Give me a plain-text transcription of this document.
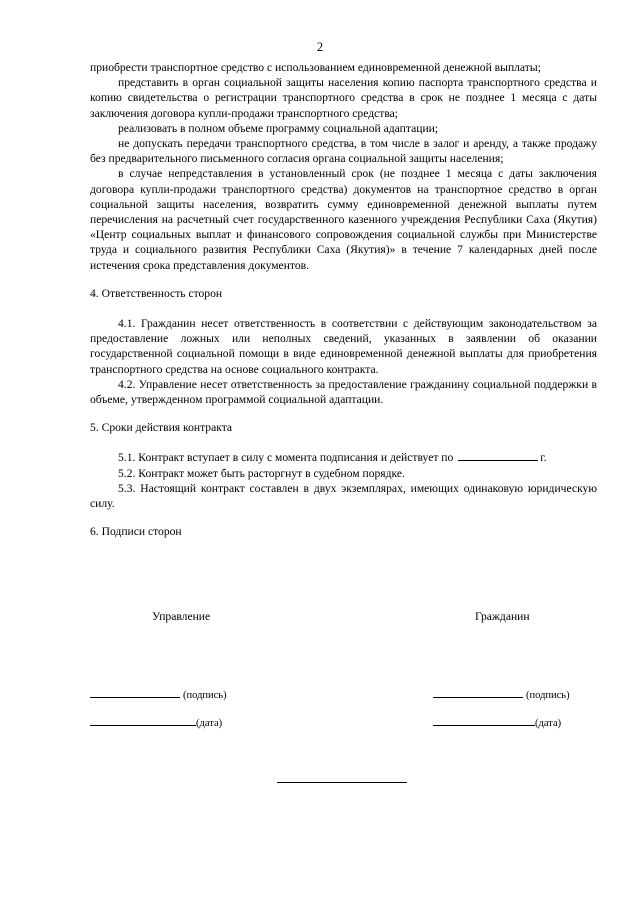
2

приобрести транспортное средство с использованием единовременной денежной выплаты;

представить в орган социальной защиты населения копию паспорта транспортного средства и копию свидетельства о регистрации транспортного средства в срок не позднее 1 месяца с даты заключения договора купли-продажи транспортного средства;

реализовать в полном объеме программу социальной адаптации;

не допускать передачи транспортного средства, в том числе в залог и аренду, а также продажу без предварительного письменного согласия органа социальной защиты населения;

в случае непредставления в установленный срок (не позднее 1 месяца с даты заключения договора купли-продажи транспортного средства) документов на транспортное средство в орган социальной защиты населения, возвратить сумму единовременной денежной выплаты путем перечисления на расчетный счет государственного казенного учреждения Республики Саха (Якутия) «Центр социальных выплат и финансового сопровождения социальной службы при Министерстве труда и социального развития Республики Саха (Якутия)» в течение 7 календарных дней после истечения срока представления документов.

4. Ответственность сторон

4.1. Гражданин несет ответственность в соответствии с действующим законодательством за предоставление ложных или неполных сведений, указанных в заявлении об оказании государственной социальной помощи в виде единовременной денежной выплаты для приобретения транспортного средства на основе социального контракта.

4.2. Управление несет ответственность за предоставление гражданину социальной поддержки в объеме, утвержденном программой социальной адаптации.

5. Сроки действия контракта

5.1. Контракт вступает в силу с момента подписания и действует по	г.

5.2. Контракт может быть расторгнут в судебном порядке.

5.3. Настоящий контракт составлен в двух экземплярах, имеющих одинаковую юридическую силу.

6. Подписи сторон

Управление	Гражданин
(подпись)	(подпись)
(дата)	(дата)
